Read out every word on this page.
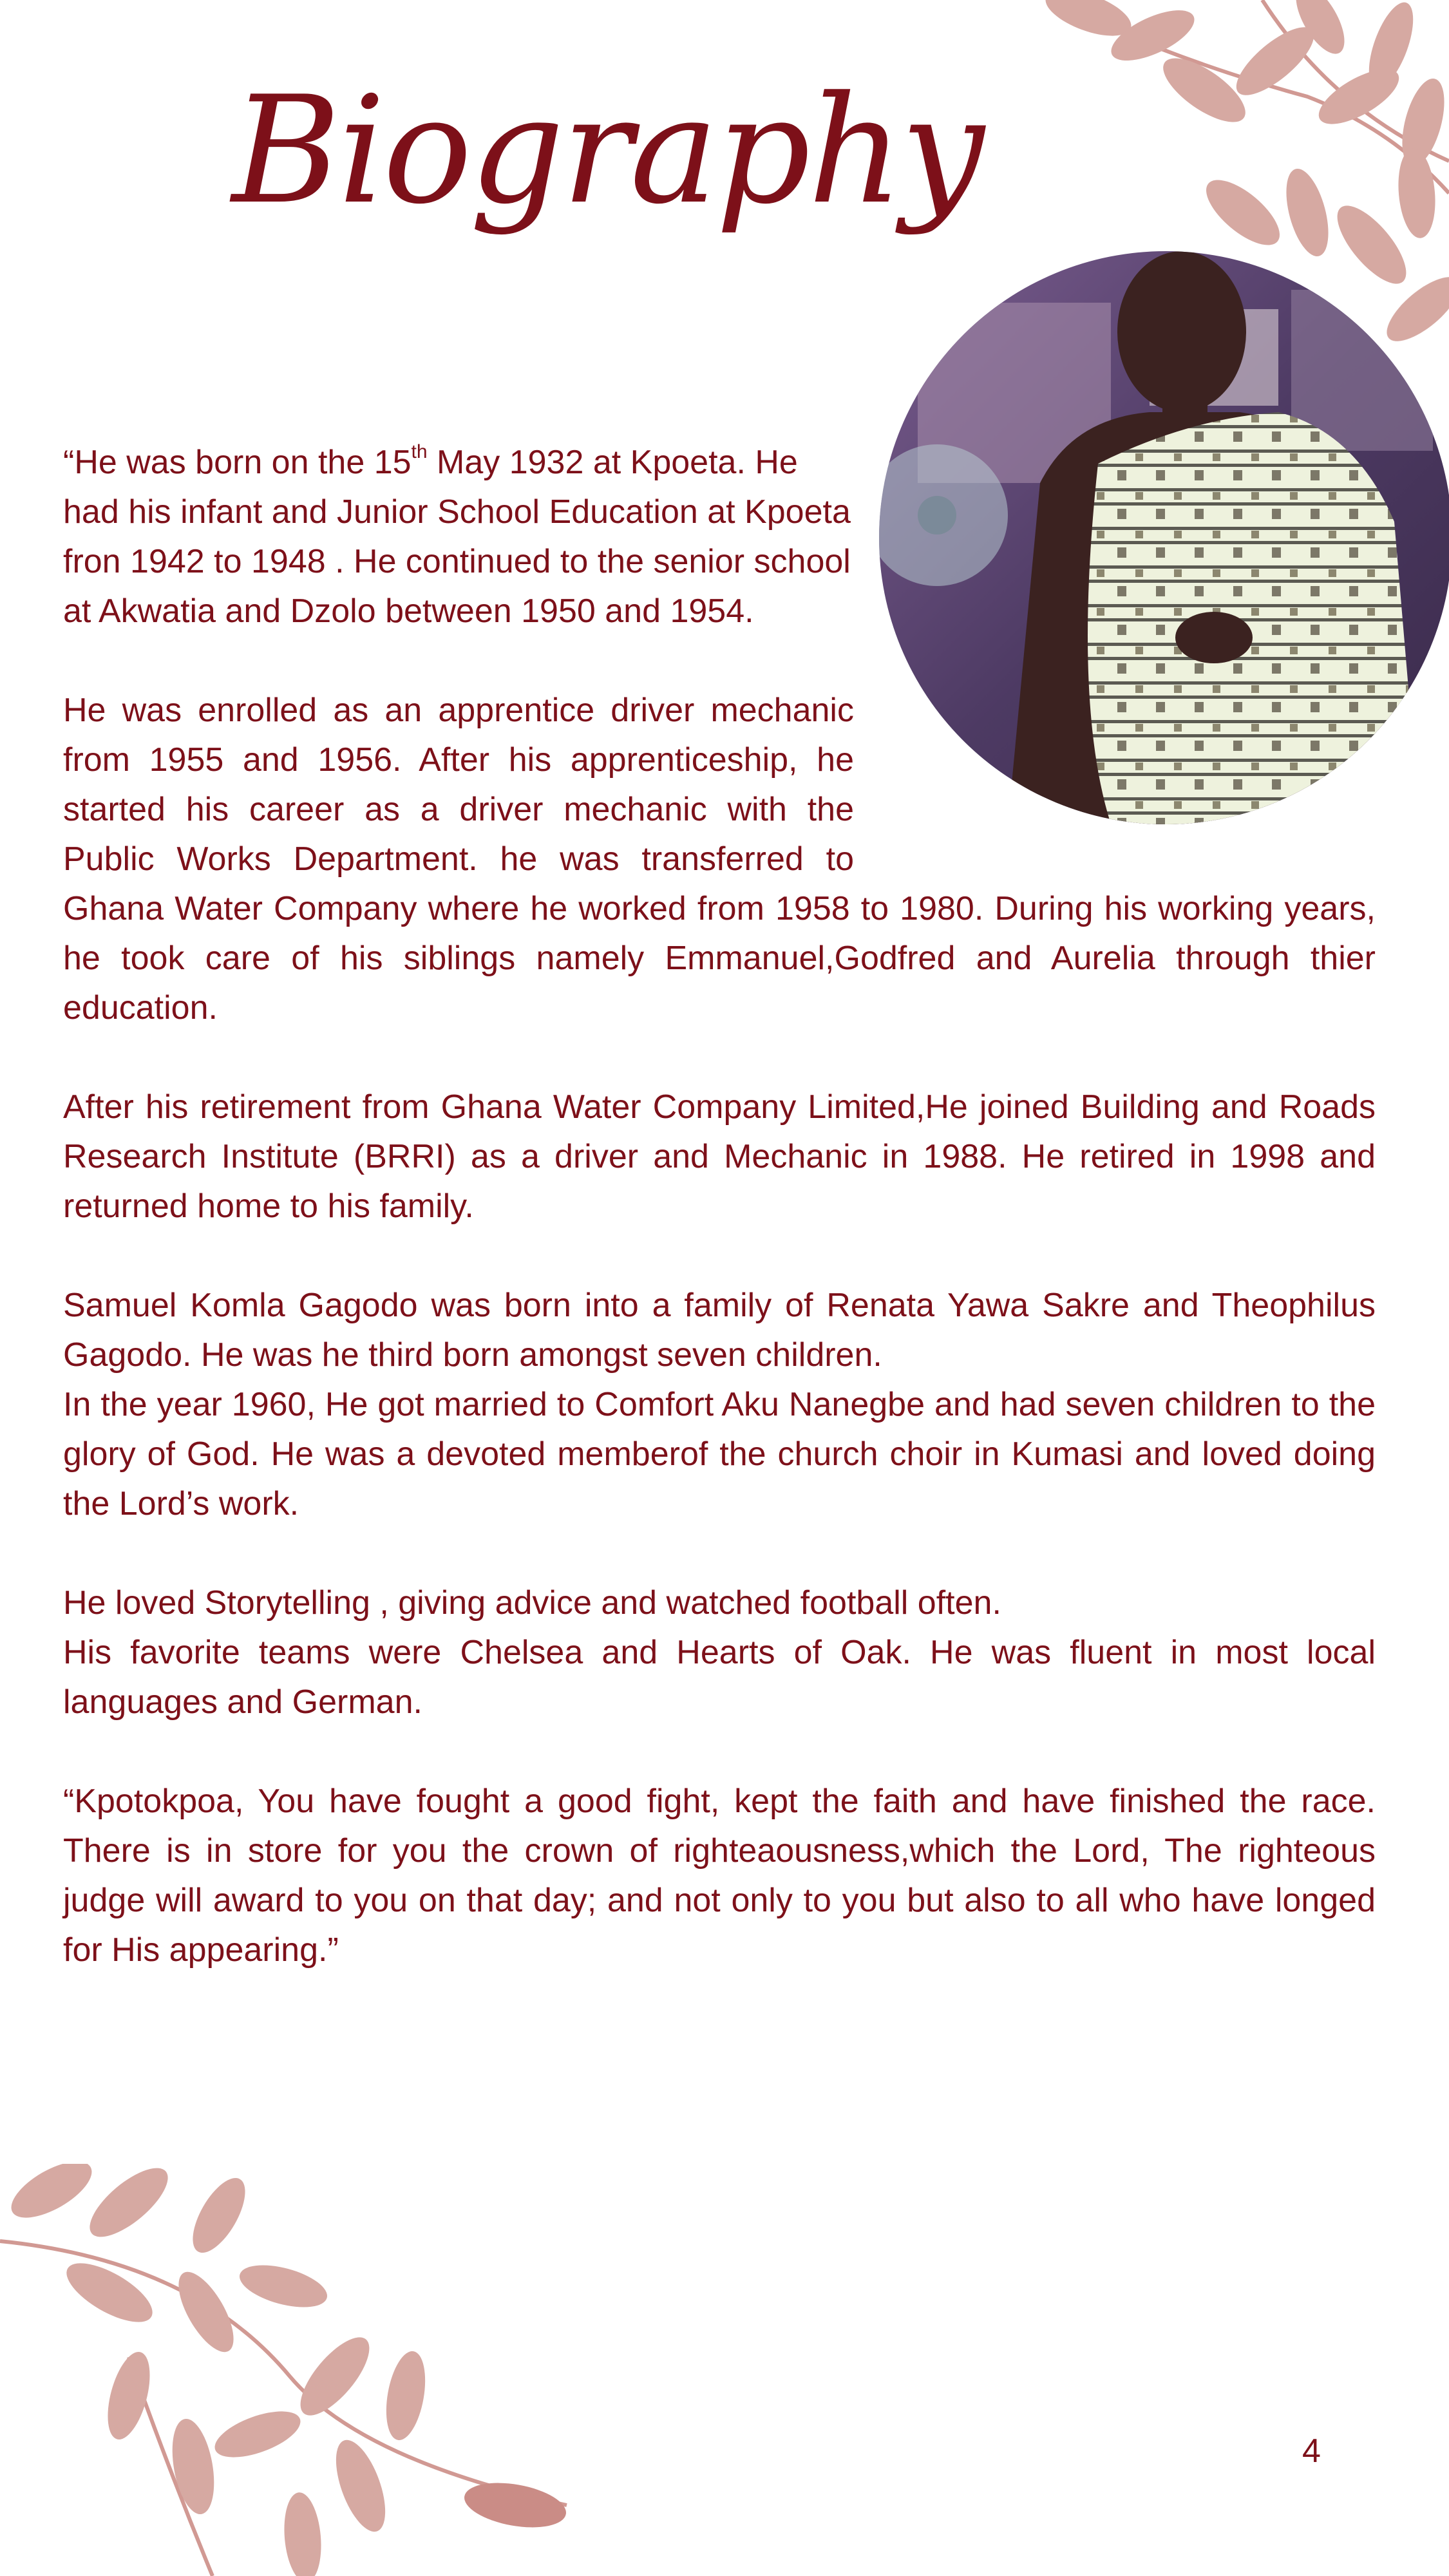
Biography

“He was born on the 15th May 1932 at Kpoeta. He had his infant and Junior School Education at Kpoeta fron 1942 to 1948 . He continued to the senior school at Akwatia and Dzolo between 1950 and 1954.

He was enrolled as an apprentice driver mechanic from 1955 and 1956. After his apprenticeship, he started his career as a driver mechanic with the Public Works Department. he was transferred to Ghana Water Company where he worked from 1958 to 1980. During his working years, he took care of his siblings namely Emmanuel,Godfred and Aurelia through thier education.

After his retirement from Ghana Water Company Limited,He joined Building and Roads Research Institute (BRRI) as a driver and Mechanic in 1988. He retired in 1998 and returned home to his family.

Samuel Komla Gagodo was born into a family of Renata Yawa Sakre and Theophilus Gagodo. He was he third born amongst seven children.

In the year 1960, He got married to Comfort Aku Nanegbe and had seven children to the glory of God. He was a devoted memberof the church choir in Kumasi and loved doing the Lord’s work.

He loved Storytelling , giving advice and watched football often.

His favorite teams were Chelsea and Hearts of Oak. He was fluent in most local languages and German.

“Kpotokpoa, You have fought a good fight, kept the faith and have finished the race. There is in store for you the crown of righteaousness,which the Lord, The righteous judge will award to you on that day; and not only to you but also to all who have longed for His appearing.”

4
